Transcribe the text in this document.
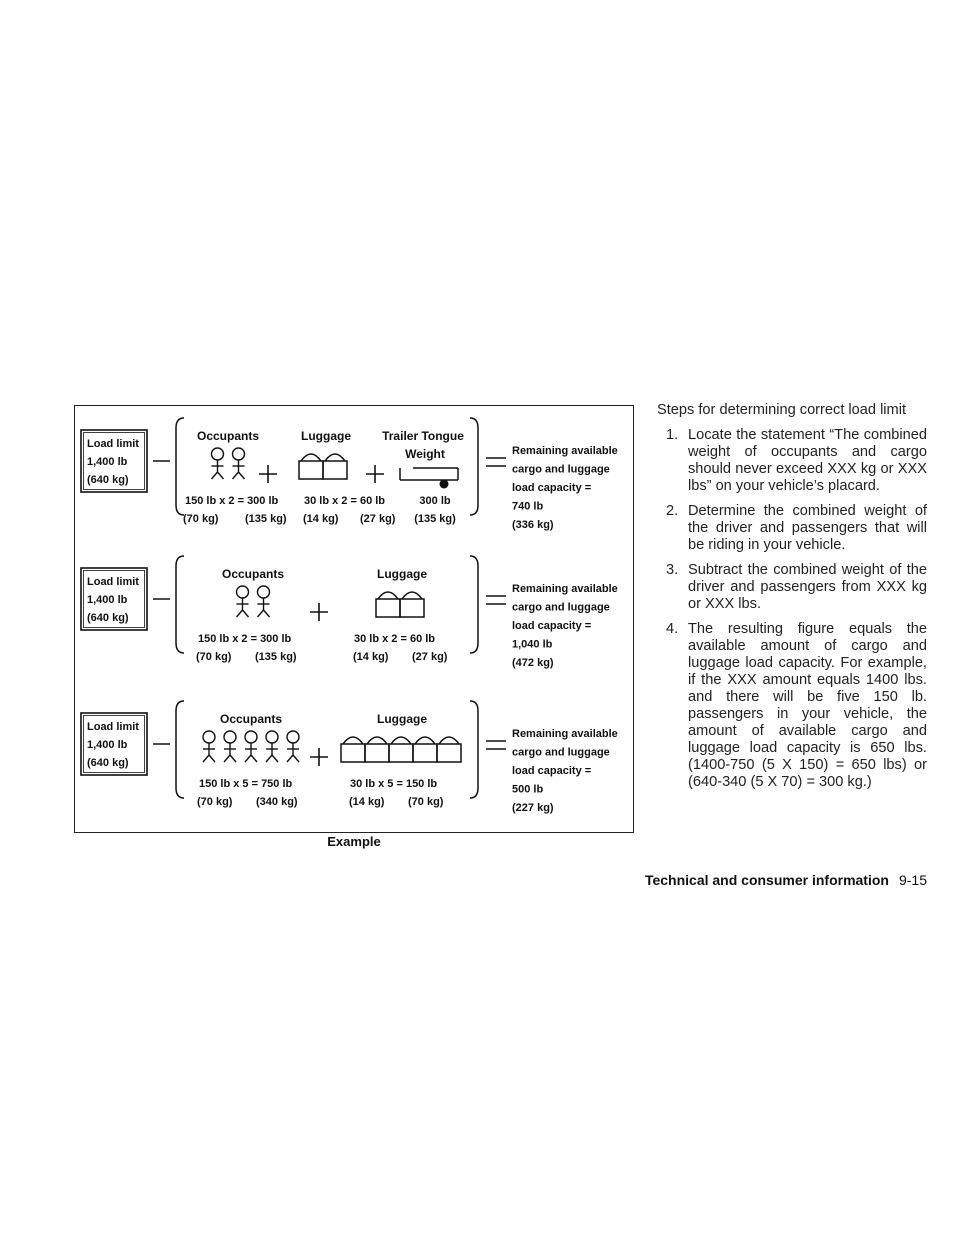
Load limit
1,400 lb
(640 kg)
Occupants
150 lb x 2 = 300 lb
(70 kg) (135 kg)
Luggage
30 lb x 2 = 60 lb
(14 kg) (27 kg)
Trailer Tongue
Weight
300 lb
(135 kg)
Remaining available
cargo and luggage
load capacity =
740 lb
(336 kg)
Load limit
1,400 lb
(640 kg)
Occupants
150 lb x 2 = 300 lb
(70 kg) (135 kg)
Luggage
30 lb x 2 = 60 lb
(14 kg) (27 kg)
Remaining available
cargo and luggage
load capacity =
1,040 lb
(472 kg)
Load limit
1,400 lb
(640 kg)
Occupants
150 lb x 5 = 750 lb
(70 kg) (340 kg)
Luggage
30 lb x 5 = 150 lb
(14 kg) (70 kg)
Remaining available
cargo and luggage
load capacity =
500 lb
(227 kg)
Example

Steps for determining correct load limit

1. Locate the statement “The combined weight of occupants and cargo should never exceed XXX kg or XXX lbs” on your vehicle’s placard.
2. Determine the combined weight of the driver and passengers that will be riding in your vehicle.
3. Subtract the combined weight of the driver and passengers from XXX kg or XXX lbs.
4. The resulting figure equals the available amount of cargo and luggage load capacity. For example, if the XXX amount equals 1400 lbs. and there will be five 150 lb. passengers in your vehicle, the amount of available cargo and luggage load capacity is 650 lbs. (1400-750 (5 X 150) = 650 lbs) or (640-340 (5 X 70) = 300 kg.)
Technical and consumer information 9-15
